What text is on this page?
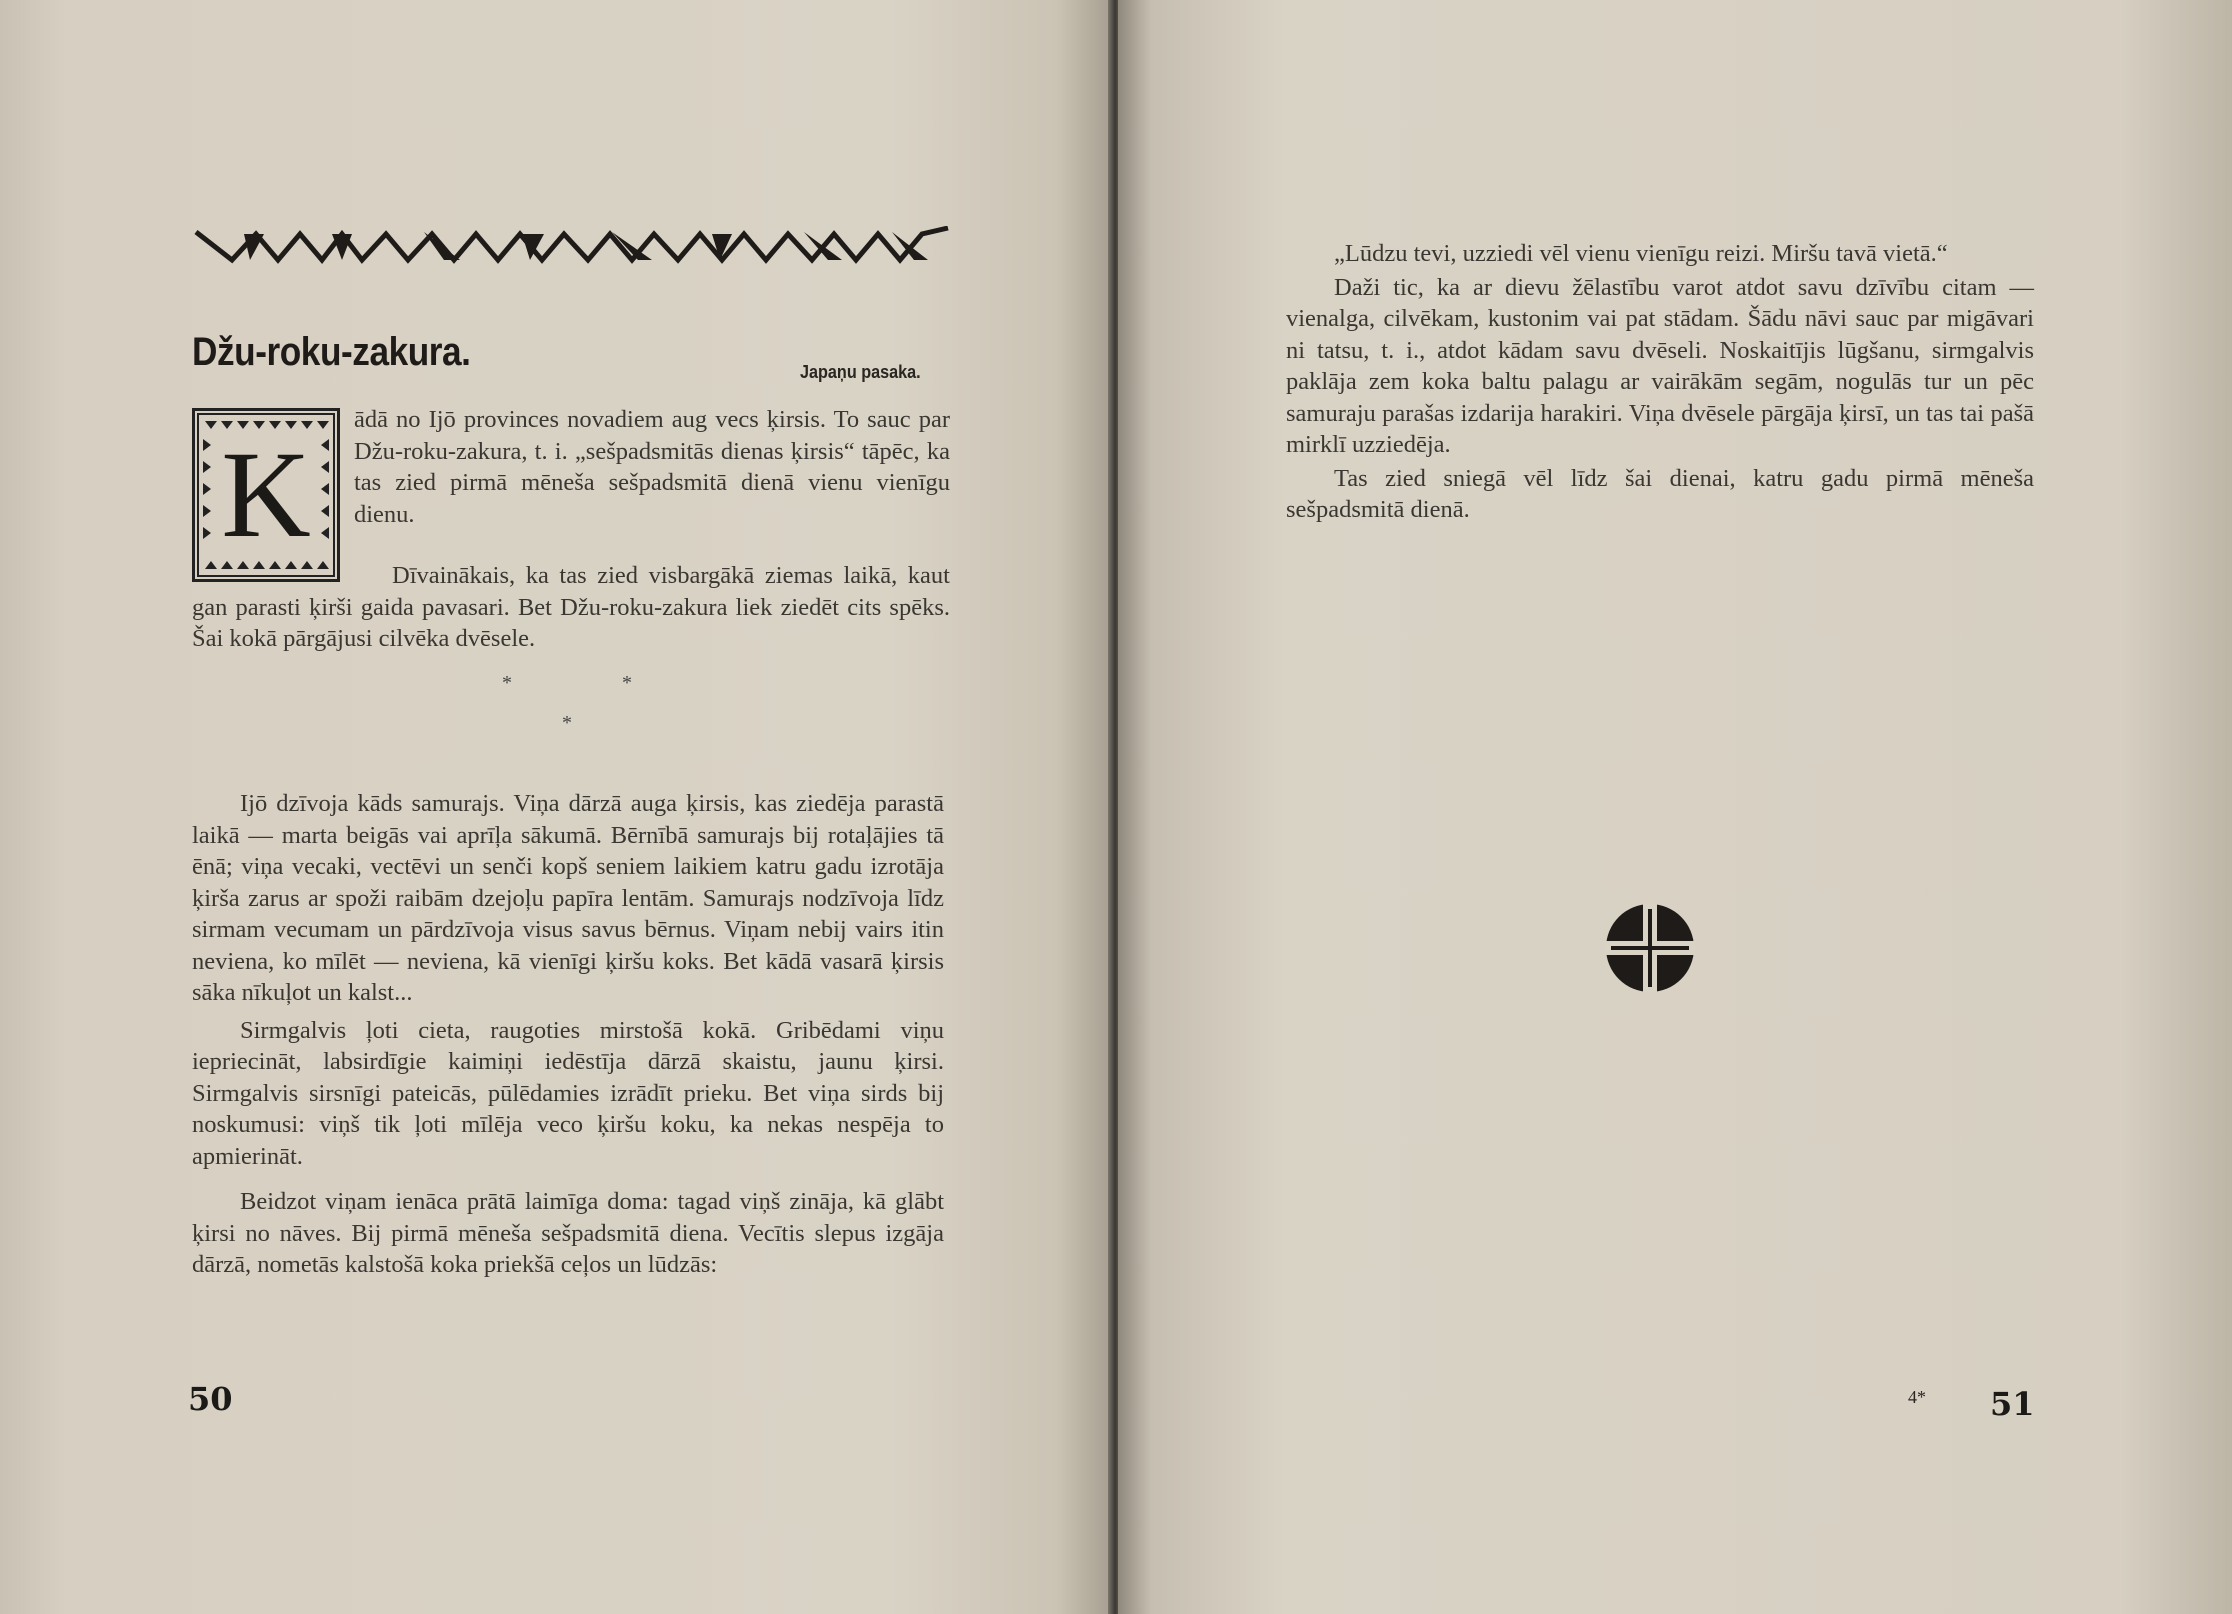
Džu-roku-zakura.	Japaņu pasaka.
K
ādā no Ijō provinces novadiem aug vecs ķirsis. To sauc par Džu-roku-zakura, t. i. „sešpadsmitās dienas ķirsis“ tāpēc, ka tas zied pirmā mēneša sešpadsmitā dienā vienu vienīgu dienu.
Dīvainākais, ka tas zied visbargākā ziemas laikā, kaut gan parasti ķirši gaida pavasari. Bet Džu-roku-zakura liek ziedēt cits spēks. Šai kokā pārgājusi cilvēka dvēsele.
*	*
*

Ijō dzīvoja kāds samurajs. Viņa dārzā auga ķirsis, kas ziedēja parastā laikā — marta beigās vai aprīļa sākumā. Bērnībā samurajs bij rotaļājies tā ēnā; viņa vecaki, vectēvi un senči kopš seniem laikiem katru gadu izrotāja ķirša zarus ar spoži raibām dzejoļu papīra lentām. Samurajs nodzīvoja līdz sirmam vecumam un pārdzīvoja visus savus bērnus. Viņam nebij vairs itin neviena, ko mīlēt — neviena, kā vienīgi ķiršu koks. Bet kādā vasarā ķirsis sāka nīkuļot un kalst...

Sirmgalvis ļoti cieta, raugoties mirstošā kokā. Gribēdami viņu iepriecināt, labsirdīgie kaimiņi iedēstīja dārzā skaistu, jaunu ķirsi. Sirmgalvis sirsnīgi pateicās, pūlēdamies izrādīt prieku. Bet viņa sirds bij noskumusi: viņš tik ļoti mīlēja veco ķiršu koku, ka nekas nespēja to apmierināt.

Beidzot viņam ienāca prātā laimīga doma: tagad viņš zināja, kā glābt ķirsi no nāves. Bij pirmā mēneša sešpadsmitā diena. Vecītis slepus izgāja dārzā, nometās kalstošā koka priekšā ceļos un lūdzās:

50

„Lūdzu tevi, uzziedi vēl vienu vienīgu reizi. Miršu tavā vietā.“

Daži tic, ka ar dievu žēlastību varot atdot savu dzīvību citam — vienalga, cilvēkam, kustonim vai pat stādam. Šādu nāvi sauc par migāvari ni tatsu, t. i., atdot kādam savu dvēseli. Noskaitījis lūgšanu, sirmgalvis paklāja zem koka baltu palagu ar vairākām segām, nogulās tur un pēc samuraju parašas izdarija harakiri. Viņa dvēsele pārgāja ķirsī, un tas tai pašā mirklī uzziedēja.

Tas zied sniegā vēl līdz šai dienai, katru gadu pirmā mēneša sešpadsmitā dienā.

4* 51
